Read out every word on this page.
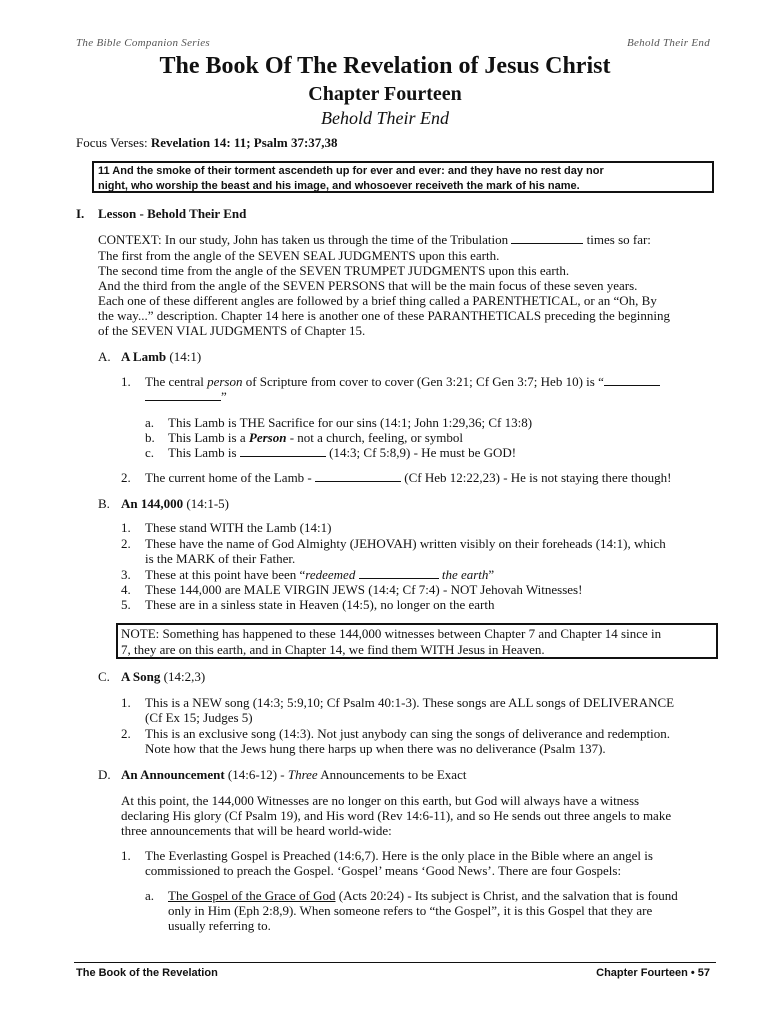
The Bible Companion Series	Behold Their End
The Book Of The Revelation of Jesus Christ
Chapter Fourteen
Behold Their End
Focus Verses: Revelation 14: 11; Psalm 37:37,38
11 And the smoke of their torment ascendeth up for ever and ever: and they have no rest day nor
night, who worship the beast and his image, and whosoever receiveth the mark of his name.
I. Lesson - Behold Their End
CONTEXT: In our study, John has taken us through the time of the Tribulation	times so far:
The first from the angle of the SEVEN SEAL JUDGMENTS upon this earth.
The second time from the angle of the SEVEN TRUMPET JUDGMENTS upon this earth.
And the third from the angle of the SEVEN PERSONS that will be the main focus of these seven years.
Each one of these different angles are followed by a brief thing called a PARENTHETICAL, or an “Oh, By
the way...” description. Chapter 14 here is another one of these PARANTHETICALS preceding the beginning
of the SEVEN VIAL JUDGMENTS of Chapter 15.
A. A Lamb (14:1)
1. The central person of Scripture from cover to cover (Gen 3:21; Cf Gen 3:7; Heb 10) is “
”
a. This Lamb is THE Sacrifice for our sins (14:1; John 1:29,36; Cf 13:8)
b. This Lamb is a Person - not a church, feeling, or symbol
c. This Lamb is	(14:3; Cf 5:8,9) - He must be GOD!
2. The current home of the Lamb -	(Cf Heb 12:22,23) - He is not staying there though!
B. An 144,000 (14:1-5)
1. These stand WITH the Lamb (14:1)
2. These have the name of God Almighty (JEHOVAH) written visibly on their foreheads (14:1), which
is the MARK of their Father.
3. These at this point have been “redeemed	the earth”
4. These 144,000 are MALE VIRGIN JEWS (14:4; Cf 7:4) - NOT Jehovah Witnesses!
5. These are in a sinless state in Heaven (14:5), no longer on the earth
NOTE: Something has happened to these 144,000 witnesses between Chapter 7 and Chapter 14 since in
7, they are on this earth, and in Chapter 14, we find them WITH Jesus in Heaven.
C. A Song (14:2,3)
1. This is a NEW song (14:3; 5:9,10; Cf Psalm 40:1-3). These songs are ALL songs of DELIVERANCE
(Cf Ex 15; Judges 5)
2. This is an exclusive song (14:3). Not just anybody can sing the songs of deliverance and redemption.
Note how that the Jews hung there harps up when there was no deliverance (Psalm 137).
D. An Announcement (14:6-12) - Three Announcements to be Exact
At this point, the 144,000 Witnesses are no longer on this earth, but God will always have a witness
declaring His glory (Cf Psalm 19), and His word (Rev 14:6-11), and so He sends out three angels to make
three announcements that will be heard world-wide:
1. The Everlasting Gospel is Preached (14:6,7). Here is the only place in the Bible where an angel is
commissioned to preach the Gospel. ‘Gospel’ means ‘Good News’. There are four Gospels:
a. The Gospel of the Grace of God (Acts 20:24) - Its subject is Christ, and the salvation that is found
only in Him (Eph 2:8,9). When someone refers to “the Gospel”, it is this Gospel that they are
usually referring to.
The Book of the Revelation	Chapter Fourteen • 57
